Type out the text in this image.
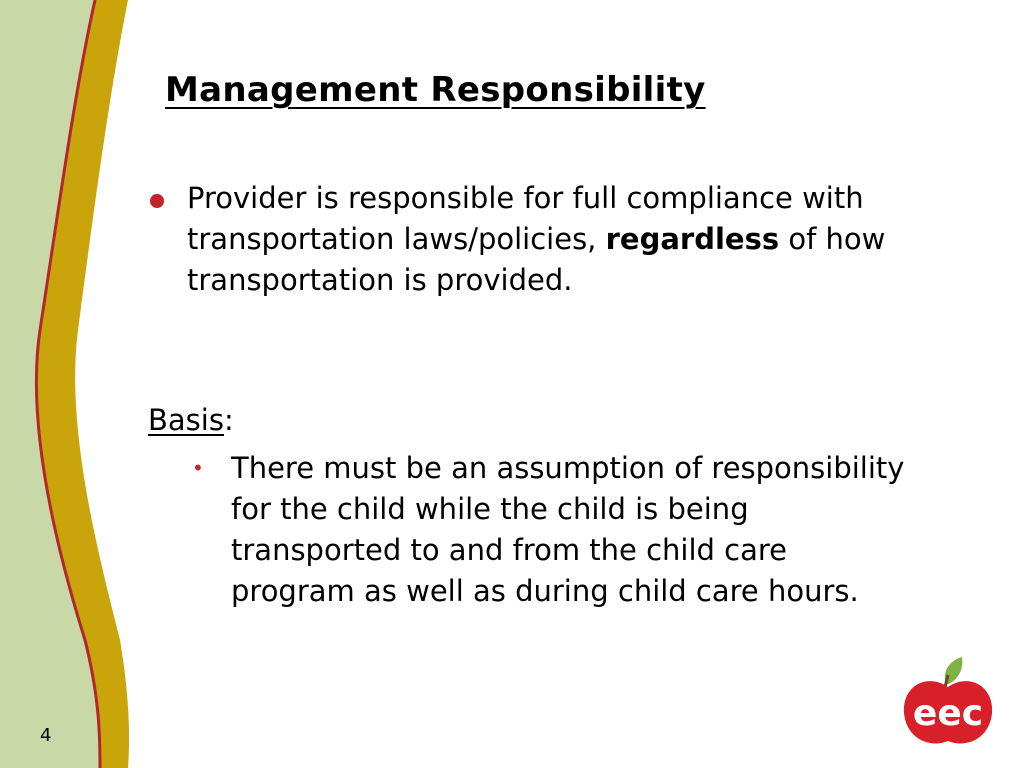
Management Responsibility
Provider is responsible for full compliance with transportation laws/policies, regardless of how transportation is provided.
Basis:
• There must be an assumption of responsibility for the child while the child is being transported to and from the child care program as well as during child care hours.
4
eec
